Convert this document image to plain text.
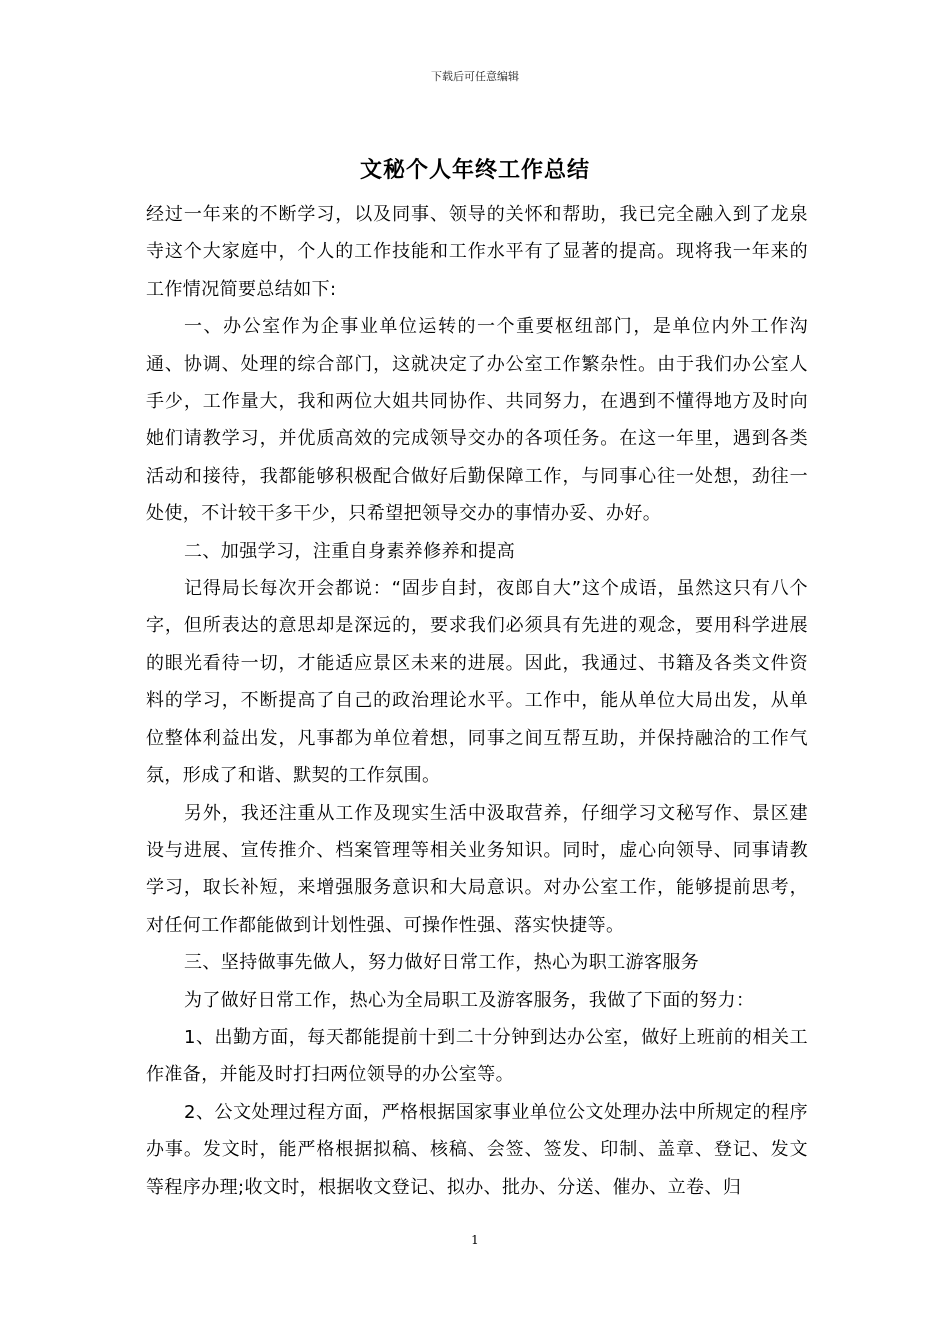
下载后可任意编辑
文秘个人年终工作总结

经过一年来的不断学习，以及同事、领导的关怀和帮助，我已完全融入到了龙泉寺这个大家庭中，个人的工作技能和工作水平有了显著的提高。现将我一年来的工作情况简要总结如下:

一、办公室作为企事业单位运转的一个重要枢纽部门，是单位内外工作沟通、协调、处理的综合部门，这就决定了办公室工作繁杂性。由于我们办公室人手少，工作量大，我和两位大姐共同协作、共同努力，在遇到不懂得地方及时向她们请教学习，并优质高效的完成领导交办的各项任务。在这一年里，遇到各类活动和接待，我都能够积极配合做好后勤保障工作，与同事心往一处想，劲往一处使，不计较干多干少，只希望把领导交办的事情办妥、办好。

二、加强学习，注重自身素养修养和提高

记得局长每次开会都说：“固步自封，夜郎自大”这个成语，虽然这只有八个字，但所表达的意思却是深远的，要求我们必须具有先进的观念，要用科学进展的眼光看待一切，才能适应景区未来的进展。因此，我通过、书籍及各类文件资料的学习，不断提高了自己的政治理论水平。工作中，能从单位大局出发，从单位整体利益出发，凡事都为单位着想，同事之间互帮互助，并保持融洽的工作气氛，形成了和谐、默契的工作氛围。

另外，我还注重从工作及现实生活中汲取营养，仔细学习文秘写作、景区建设与进展、宣传推介、档案管理等相关业务知识。同时，虚心向领导、同事请教学习，取长补短，来增强服务意识和大局意识。对办公室工作，能够提前思考，对任何工作都能做到计划性强、可操作性强、落实快捷等。

三、坚持做事先做人，努力做好日常工作，热心为职工游客服务

为了做好日常工作，热心为全局职工及游客服务，我做了下面的努力：

1、出勤方面，每天都能提前十到二十分钟到达办公室，做好上班前的相关工作准备，并能及时打扫两位领导的办公室等。

2、公文处理过程方面，严格根据国家事业单位公文处理办法中所规定的程序办事。发文时，能严格根据拟稿、核稿、会签、签发、印制、盖章、登记、发文等程序办理;收文时，根据收文登记、拟办、批办、分送、催办、立卷、归

1
